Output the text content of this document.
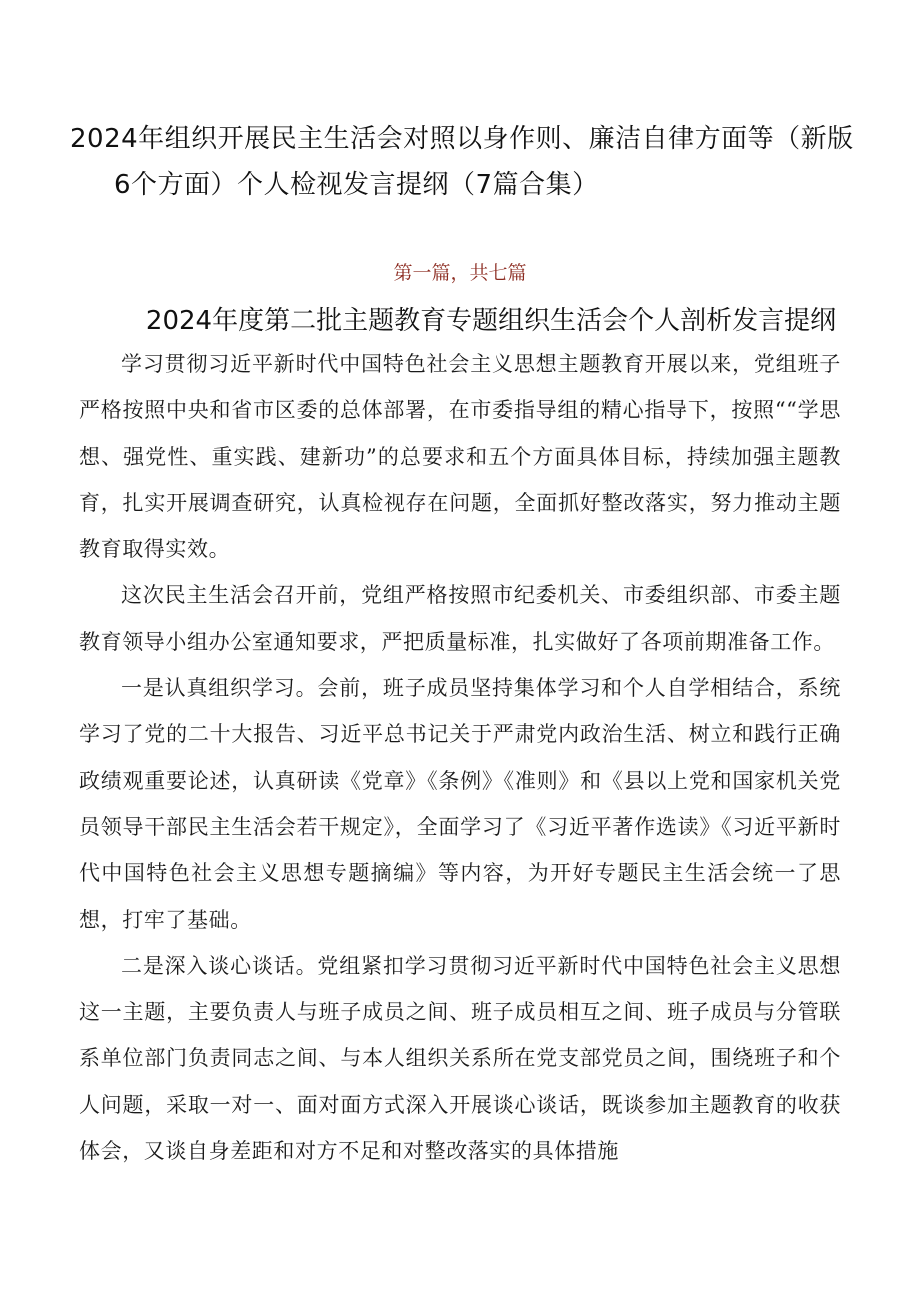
2024年组织开展民主生活会对照以身作则、廉洁自律方面等（新版
6个方面）个人检视发言提纲（7篇合集）

第一篇，共七篇

2024年度第二批主题教育专题组织生活会个人剖析发言提纲

学习贯彻习近平新时代中国特色社会主义思想主题教育开展以来，党组班子严格按照中央和省市区委的总体部署，在市委指导组的精心指导下，按照““学思想、强党性、重实践、建新功”的总要求和五个方面具体目标，持续加强主题教育，扎实开展调查研究，认真检视存在问题，全面抓好整改落实，努力推动主题教育取得实效。

这次民主生活会召开前，党组严格按照市纪委机关、市委组织部、市委主题教育领导小组办公室通知要求，严把质量标准，扎实做好了各项前期准备工作。

一是认真组织学习。会前，班子成员坚持集体学习和个人自学相结合，系统学习了党的二十大报告、习近平总书记关于严肃党内政治生活、树立和践行正确政绩观重要论述，认真研读《党章》《条例》《准则》和《县以上党和国家机关党员领导干部民主生活会若干规定》，全面学习了《习近平著作选读》《习近平新时代中国特色社会主义思想专题摘编》等内容，为开好专题民主生活会统一了思想，打牢了基础。

二是深入谈心谈话。党组紧扣学习贯彻习近平新时代中国特色社会主义思想这一主题，主要负责人与班子成员之间、班子成员相互之间、班子成员与分管联系单位部门负责同志之间、与本人组织关系所在党支部党员之间，围绕班子和个人问题，采取一对一、面对面方式深入开展谈心谈话，既谈参加主题教育的收获体会，又谈自身差距和对方不足和对整改落实的具体措施
